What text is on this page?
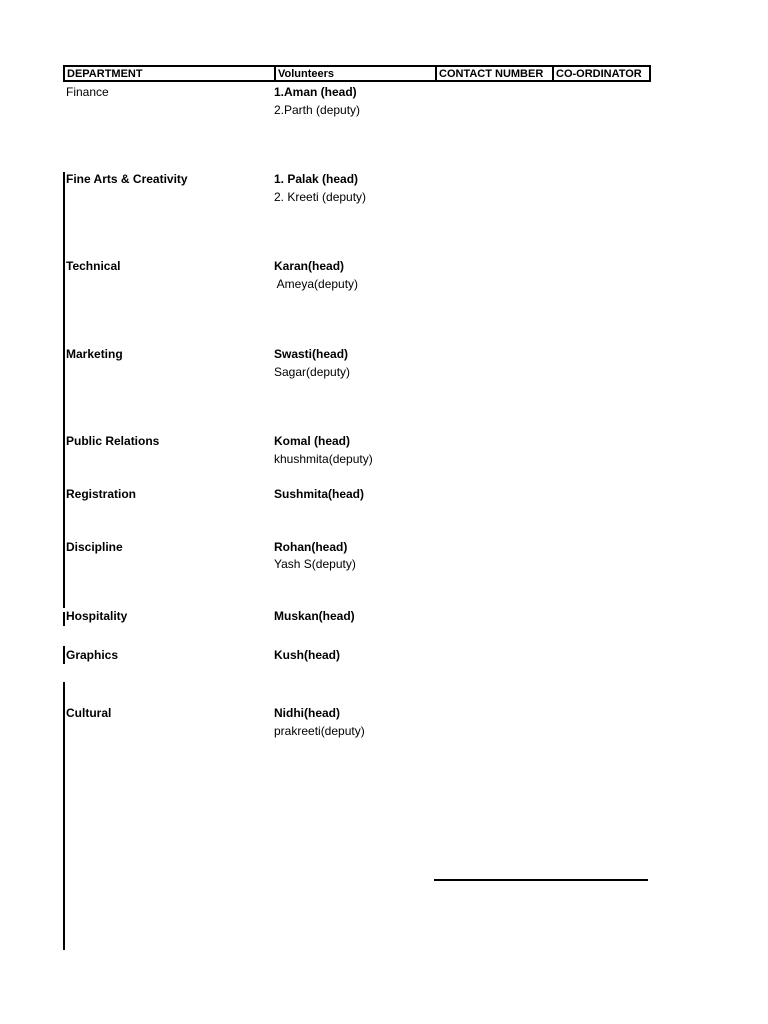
DEPARTMENT	Volunteers	CONTACT NUMBER	CO-ORDINATOR
Finance	1.Aman (head)
2.Parth (deputy)
Fine Arts & Creativity	1. Palak (head)
2. Kreeti (deputy)
Technical	Karan(head)
Ameya(deputy)
Marketing	Swasti(head)
Sagar(deputy)
Public Relations	Komal (head)
khushmita(deputy)
Registration	Sushmita(head)
Discipline	Rohan(head)
Yash S(deputy)
Hospitality	Muskan(head)
Graphics	Kush(head)
Cultural	Nidhi(head)
prakreeti(deputy)
